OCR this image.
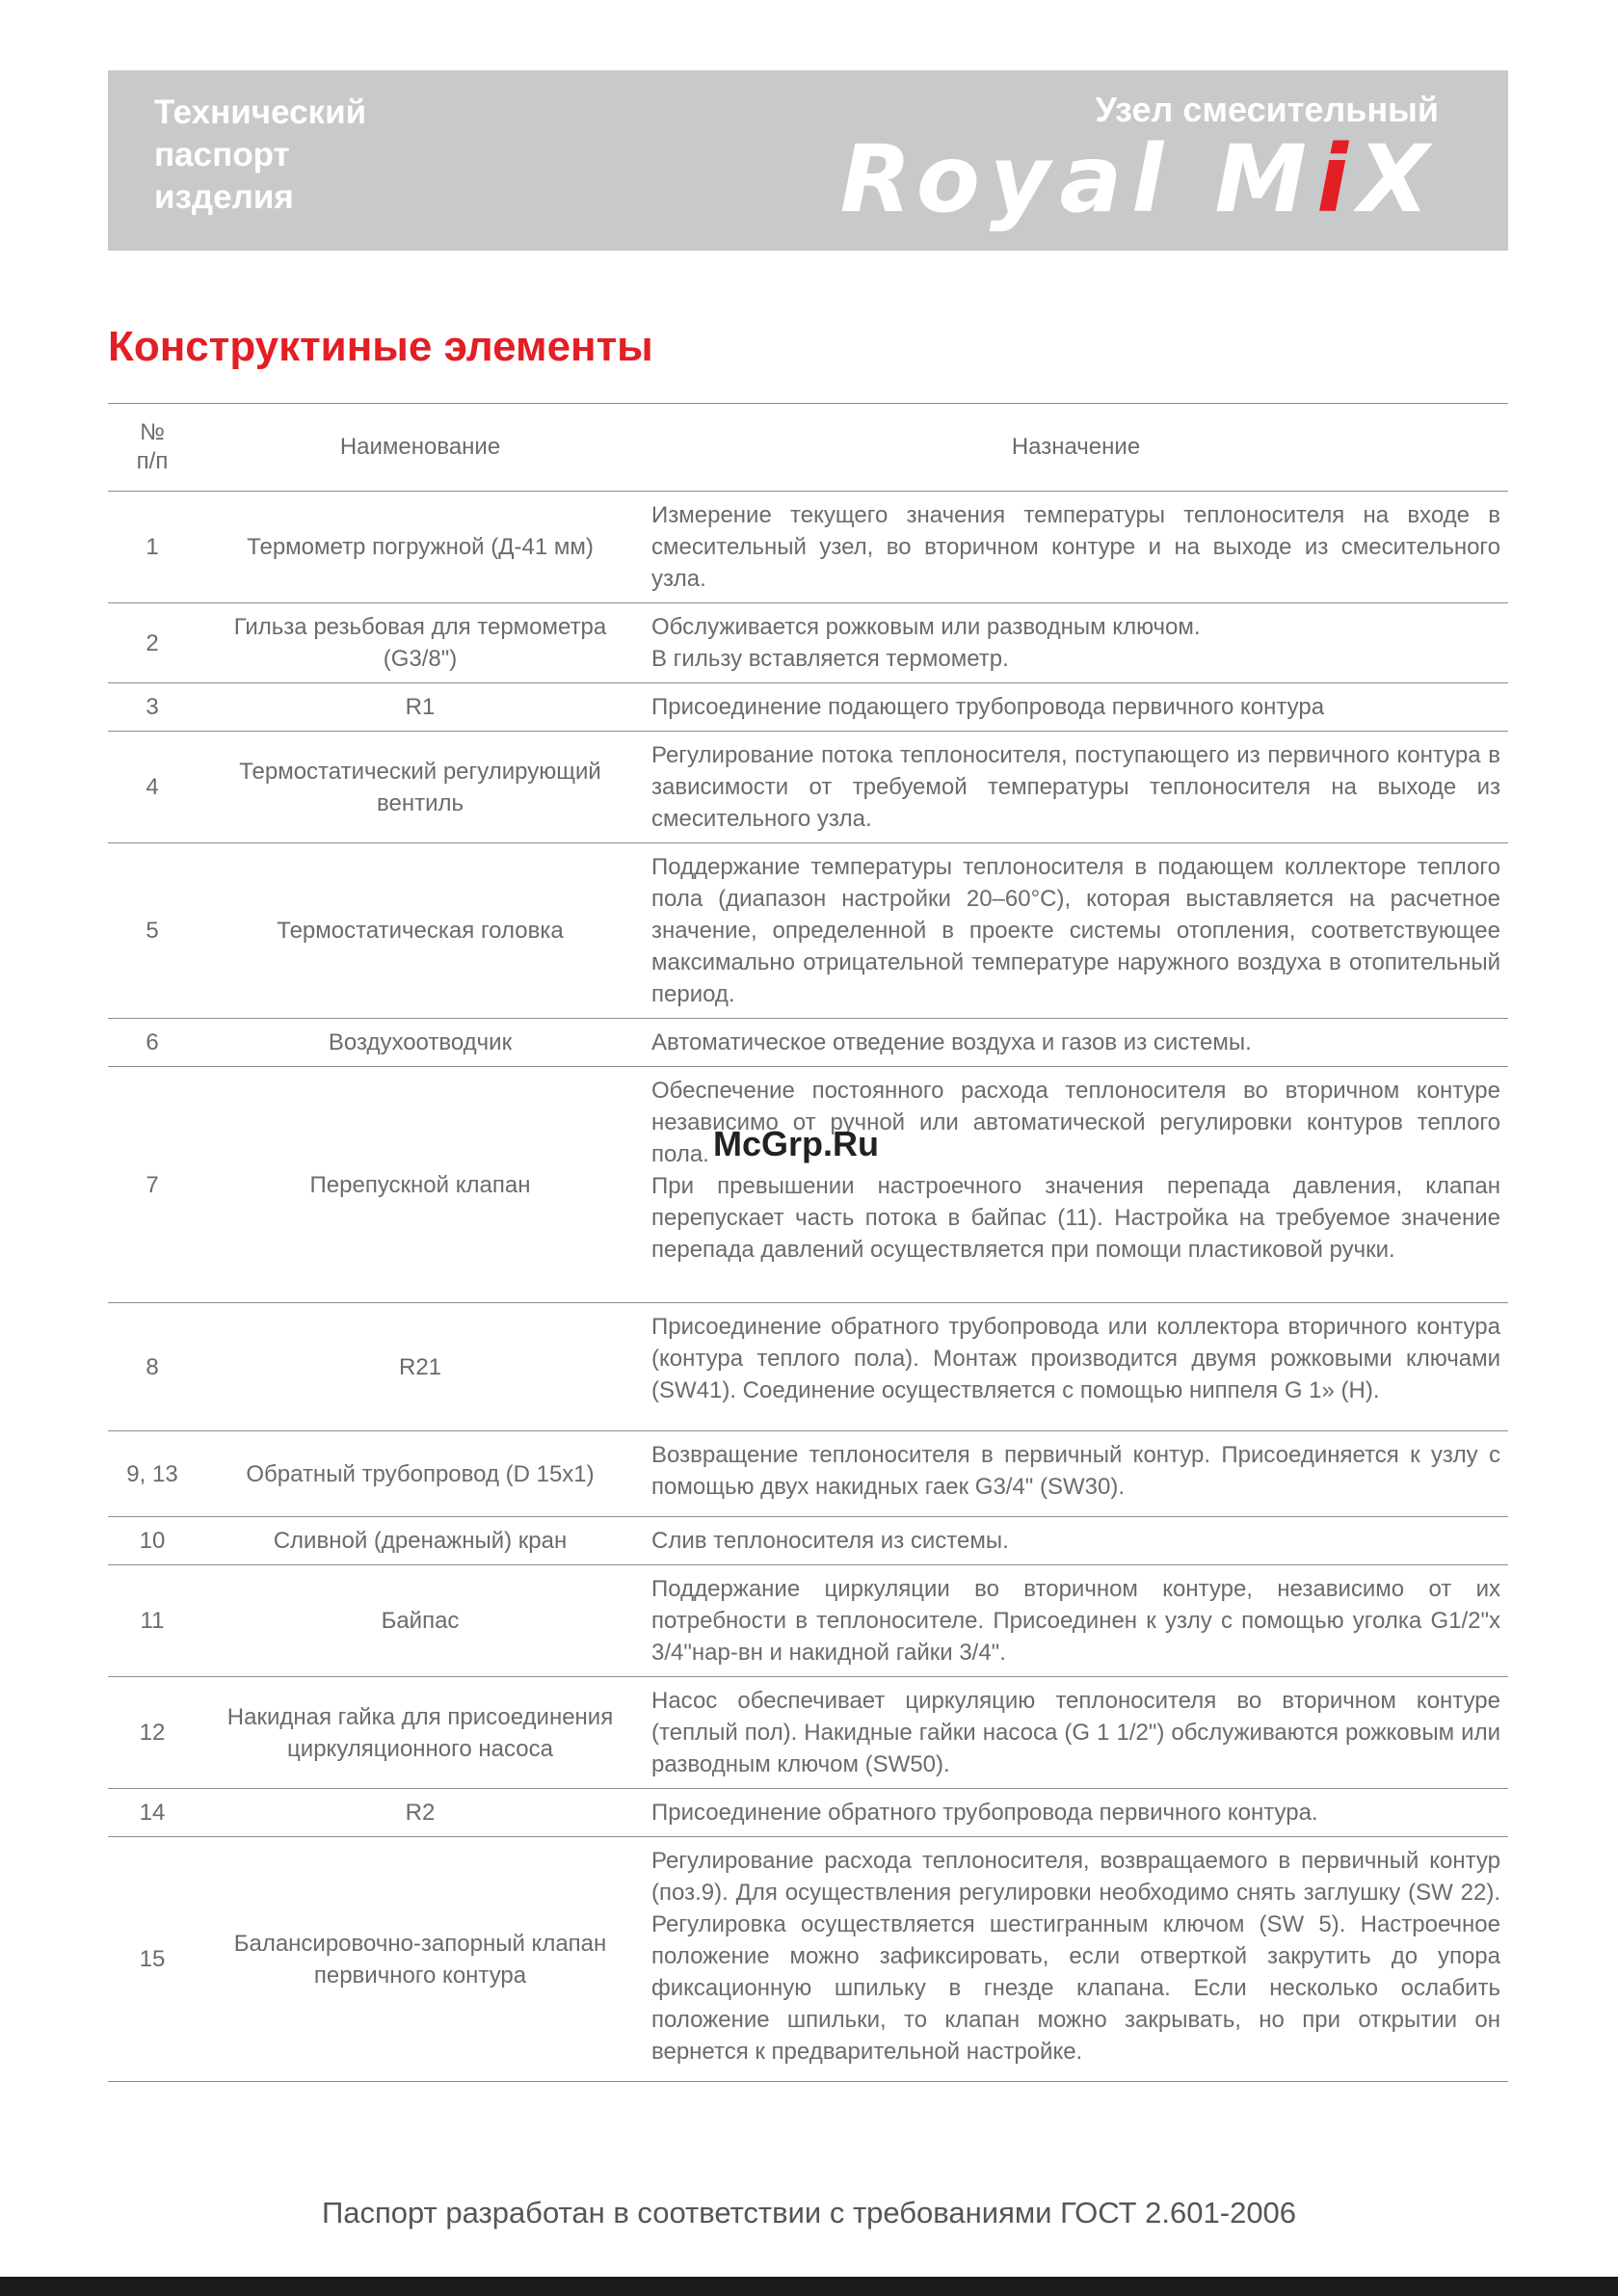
Технический
паспорт
изделия
Узел смесительный
Royal MiX
Конструктиные элементы
№
п/п	Наименование	Назначение
1	Термометр погружной (Д-41 мм)	Измерение текущего значения температуры теплоносителя на входе в смесительный узел, во вторичном контуре и на выходе из смесительного узла.
2	Гильза резьбовая для термометра (G3/8")	Обслуживается рожковым или разводным ключом.
В гильзу вставляется термометр.
3	R1	Присоединение подающего трубопровода первичного контура
4	Термостатический регулирующий вентиль	Регулирование потока теплоносителя, поступающего из первичного контура в зависимости от требуемой температуры теплоносителя на выходе из смесительного узла.
5	Термостатическая головка	Поддержание температуры теплоносителя в подающем коллекторе теплого пола (диапазон настройки 20–60°C), которая выставляется на расчетное значение, определенной в проекте системы отопления, соответствующее максимально отрицательной температуре наружного воздуха в отопительный период.
6	Воздухоотводчик	Автоматическое отведение воздуха и газов из системы.
7	Перепускной клапан	Обеспечение постоянного расхода теплоносителя во вторичном контуре независимо от ручной или автоматической регулировки контуров теплого пола.
При превышении настроечного значения перепада давления, клапан перепускает часть потока в байпас (11). Настройка на требуемое значение перепада давлений осуществляется при помощи пластиковой ручки.
8	R21	Присоединение обратного трубопровода или коллектора вторичного контура (контура теплого пола). Монтаж производится двумя рожковыми ключами (SW41). Соединение осуществляется с помощью ниппеля G 1» (H).
9, 13	Обратный трубопровод (D 15x1)	Возвращение теплоносителя в первичный контур. Присоединяется к узлу с помощью двух накидных гаек G3/4" (SW30).
10	Сливной (дренажный) кран	Слив теплоносителя из системы.
11	Байпас	Поддержание циркуляции во вторичном контуре, независимо от их потребности в теплоносителе. Присоединен к узлу с помощью уголка G1/2"x 3/4"нар-вн и накидной гайки 3/4".
12	Накидная гайка для присоединения циркуляционного насоса	Насос обеспечивает циркуляцию теплоносителя во вторичном контуре (теплый пол). Накидные гайки насоса (G 1 1/2") обслуживаются рожковым или разводным ключом (SW50).
14	R2	Присоединение обратного трубопровода первичного контура.
15	Балансировочно-запорный клапан первичного контура	Регулирование расхода теплоносителя, возвращаемого в первичный контур (поз.9). Для осуществления регулировки необходимо снять заглушку (SW 22). Регулировка осуществляется шестигранным ключом (SW 5). Настроечное положение можно зафиксировать, если отверткой закрутить до упора фиксационную шпильку в гнезде клапана. Если несколько ослабить положение шпильки, то клапан можно закрывать, но при открытии он вернется к предварительной настройке.
McGrp.Ru
Паспорт разработан в соответствии с требованиями ГОСТ 2.601-2006
